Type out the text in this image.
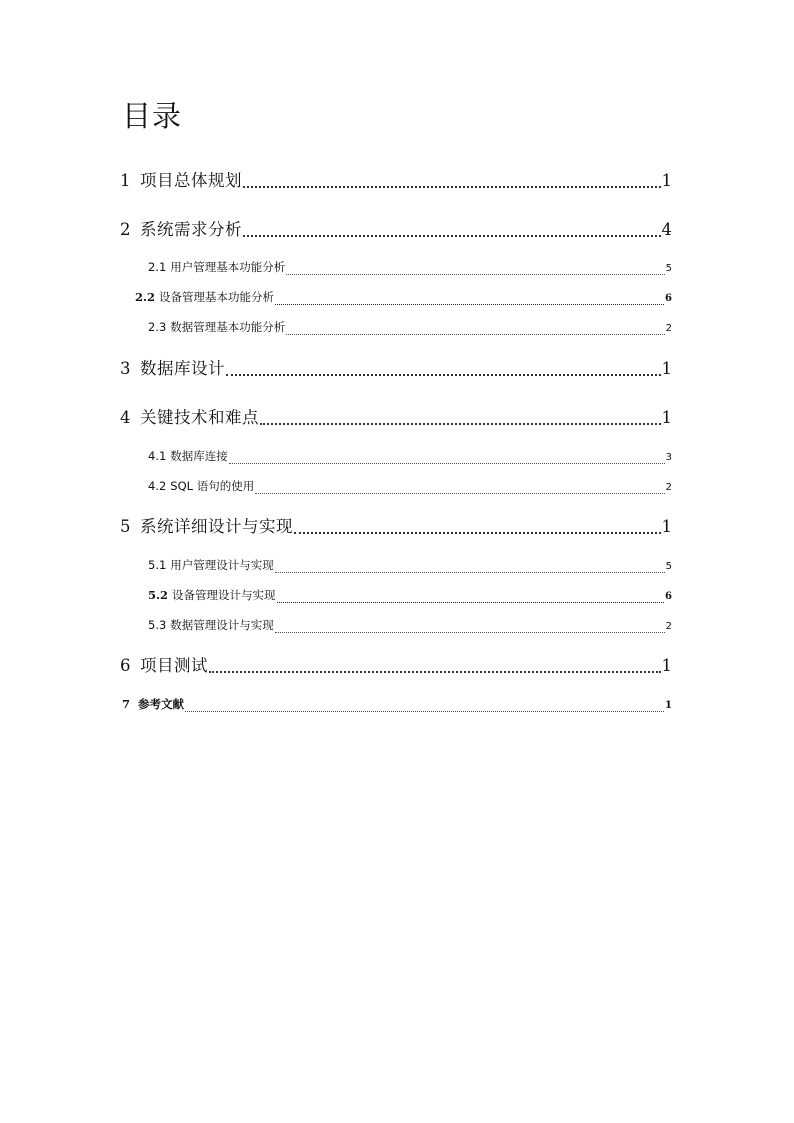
目录
1 项目总体规划	1
2 系统需求分析	4
2.1 用户管理基本功能分析	5
2.2 设备管理基本功能分析	6
2.3 数据管理基本功能分析	2
3 数据库设计	1
4 关键技术和难点	1
4.1 数据库连接	3
4.2 SQL 语句的使用	2
5 系统详细设计与实现	1
5.1 用户管理设计与实现	5
5.2 设备管理设计与实现	6
5.3 数据管理设计与实现	2
6 项目测试	1
7 参考文献	1
